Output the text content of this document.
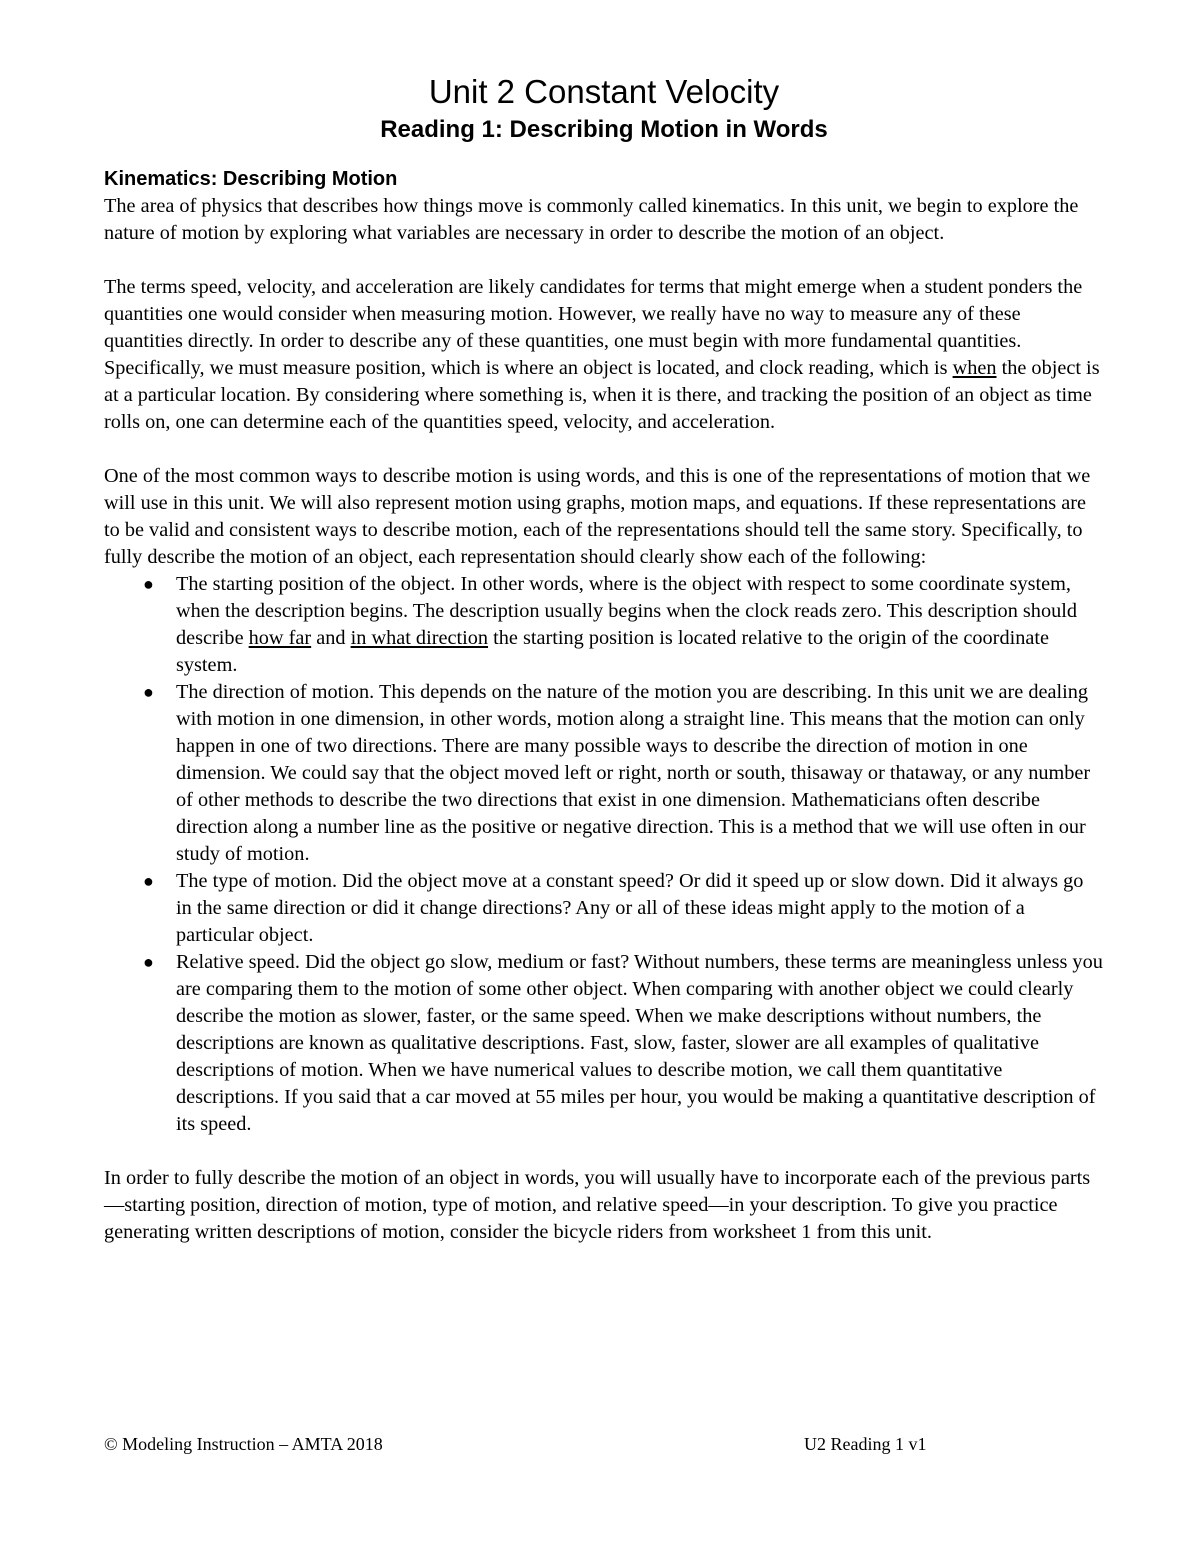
Unit 2 Constant Velocity
Reading 1: Describing Motion in Words
Kinematics: Describing Motion

The area of physics that describes how things move is commonly called kinematics. In this unit, we begin to explore the nature of motion by exploring what variables are necessary in order to describe the motion of an object.

The terms speed, velocity, and acceleration are likely candidates for terms that might emerge when a student ponders the quantities one would consider when measuring motion. However, we really have no way to measure any of these quantities directly. In order to describe any of these quantities, one must begin with more fundamental quantities. Specifically, we must measure position, which is where an object is located, and clock reading, which is when the object is at a particular location. By considering where something is, when it is there, and tracking the position of an object as time rolls on, one can determine each of the quantities speed, velocity, and acceleration.

One of the most common ways to describe motion is using words, and this is one of the representations of motion that we will use in this unit. We will also represent motion using graphs, motion maps, and equations. If these representations are to be valid and consistent ways to describe motion, each of the representations should tell the same story. Specifically, to fully describe the motion of an object, each representation should clearly show each of the following:

● The starting position of the object. In other words, where is the object with respect to some coordinate system, when the description begins. The description usually begins when the clock reads zero. This description should describe how far and in what direction the starting position is located relative to the origin of the coordinate system.
● The direction of motion. This depends on the nature of the motion you are describing. In this unit we are dealing with motion in one dimension, in other words, motion along a straight line. This means that the motion can only happen in one of two directions. There are many possible ways to describe the direction of motion in one dimension. We could say that the object moved left or right, north or south, thisaway or thataway, or any number of other methods to describe the two directions that exist in one dimension. Mathematicians often describe direction along a number line as the positive or negative direction. This is a method that we will use often in our study of motion.
● The type of motion. Did the object move at a constant speed? Or did it speed up or slow down. Did it always go in the same direction or did it change directions? Any or all of these ideas might apply to the motion of a particular object.
● Relative speed. Did the object go slow, medium or fast? Without numbers, these terms are meaningless unless you are comparing them to the motion of some other object. When comparing with another object we could clearly describe the motion as slower, faster, or the same speed. When we make descriptions without numbers, the descriptions are known as qualitative descriptions. Fast, slow, faster, slower are all examples of qualitative descriptions of motion. When we have numerical values to describe motion, we call them quantitative descriptions. If you said that a car moved at 55 miles per hour, you would be making a quantitative description of its speed.

In order to fully describe the motion of an object in words, you will usually have to incorporate each of the previous parts—starting position, direction of motion, type of motion, and relative speed—in your description. To give you practice generating written descriptions of motion, consider the bicycle riders from worksheet 1 from this unit.

© Modeling Instruction – AMTA 2018	U2 Reading 1 v1
